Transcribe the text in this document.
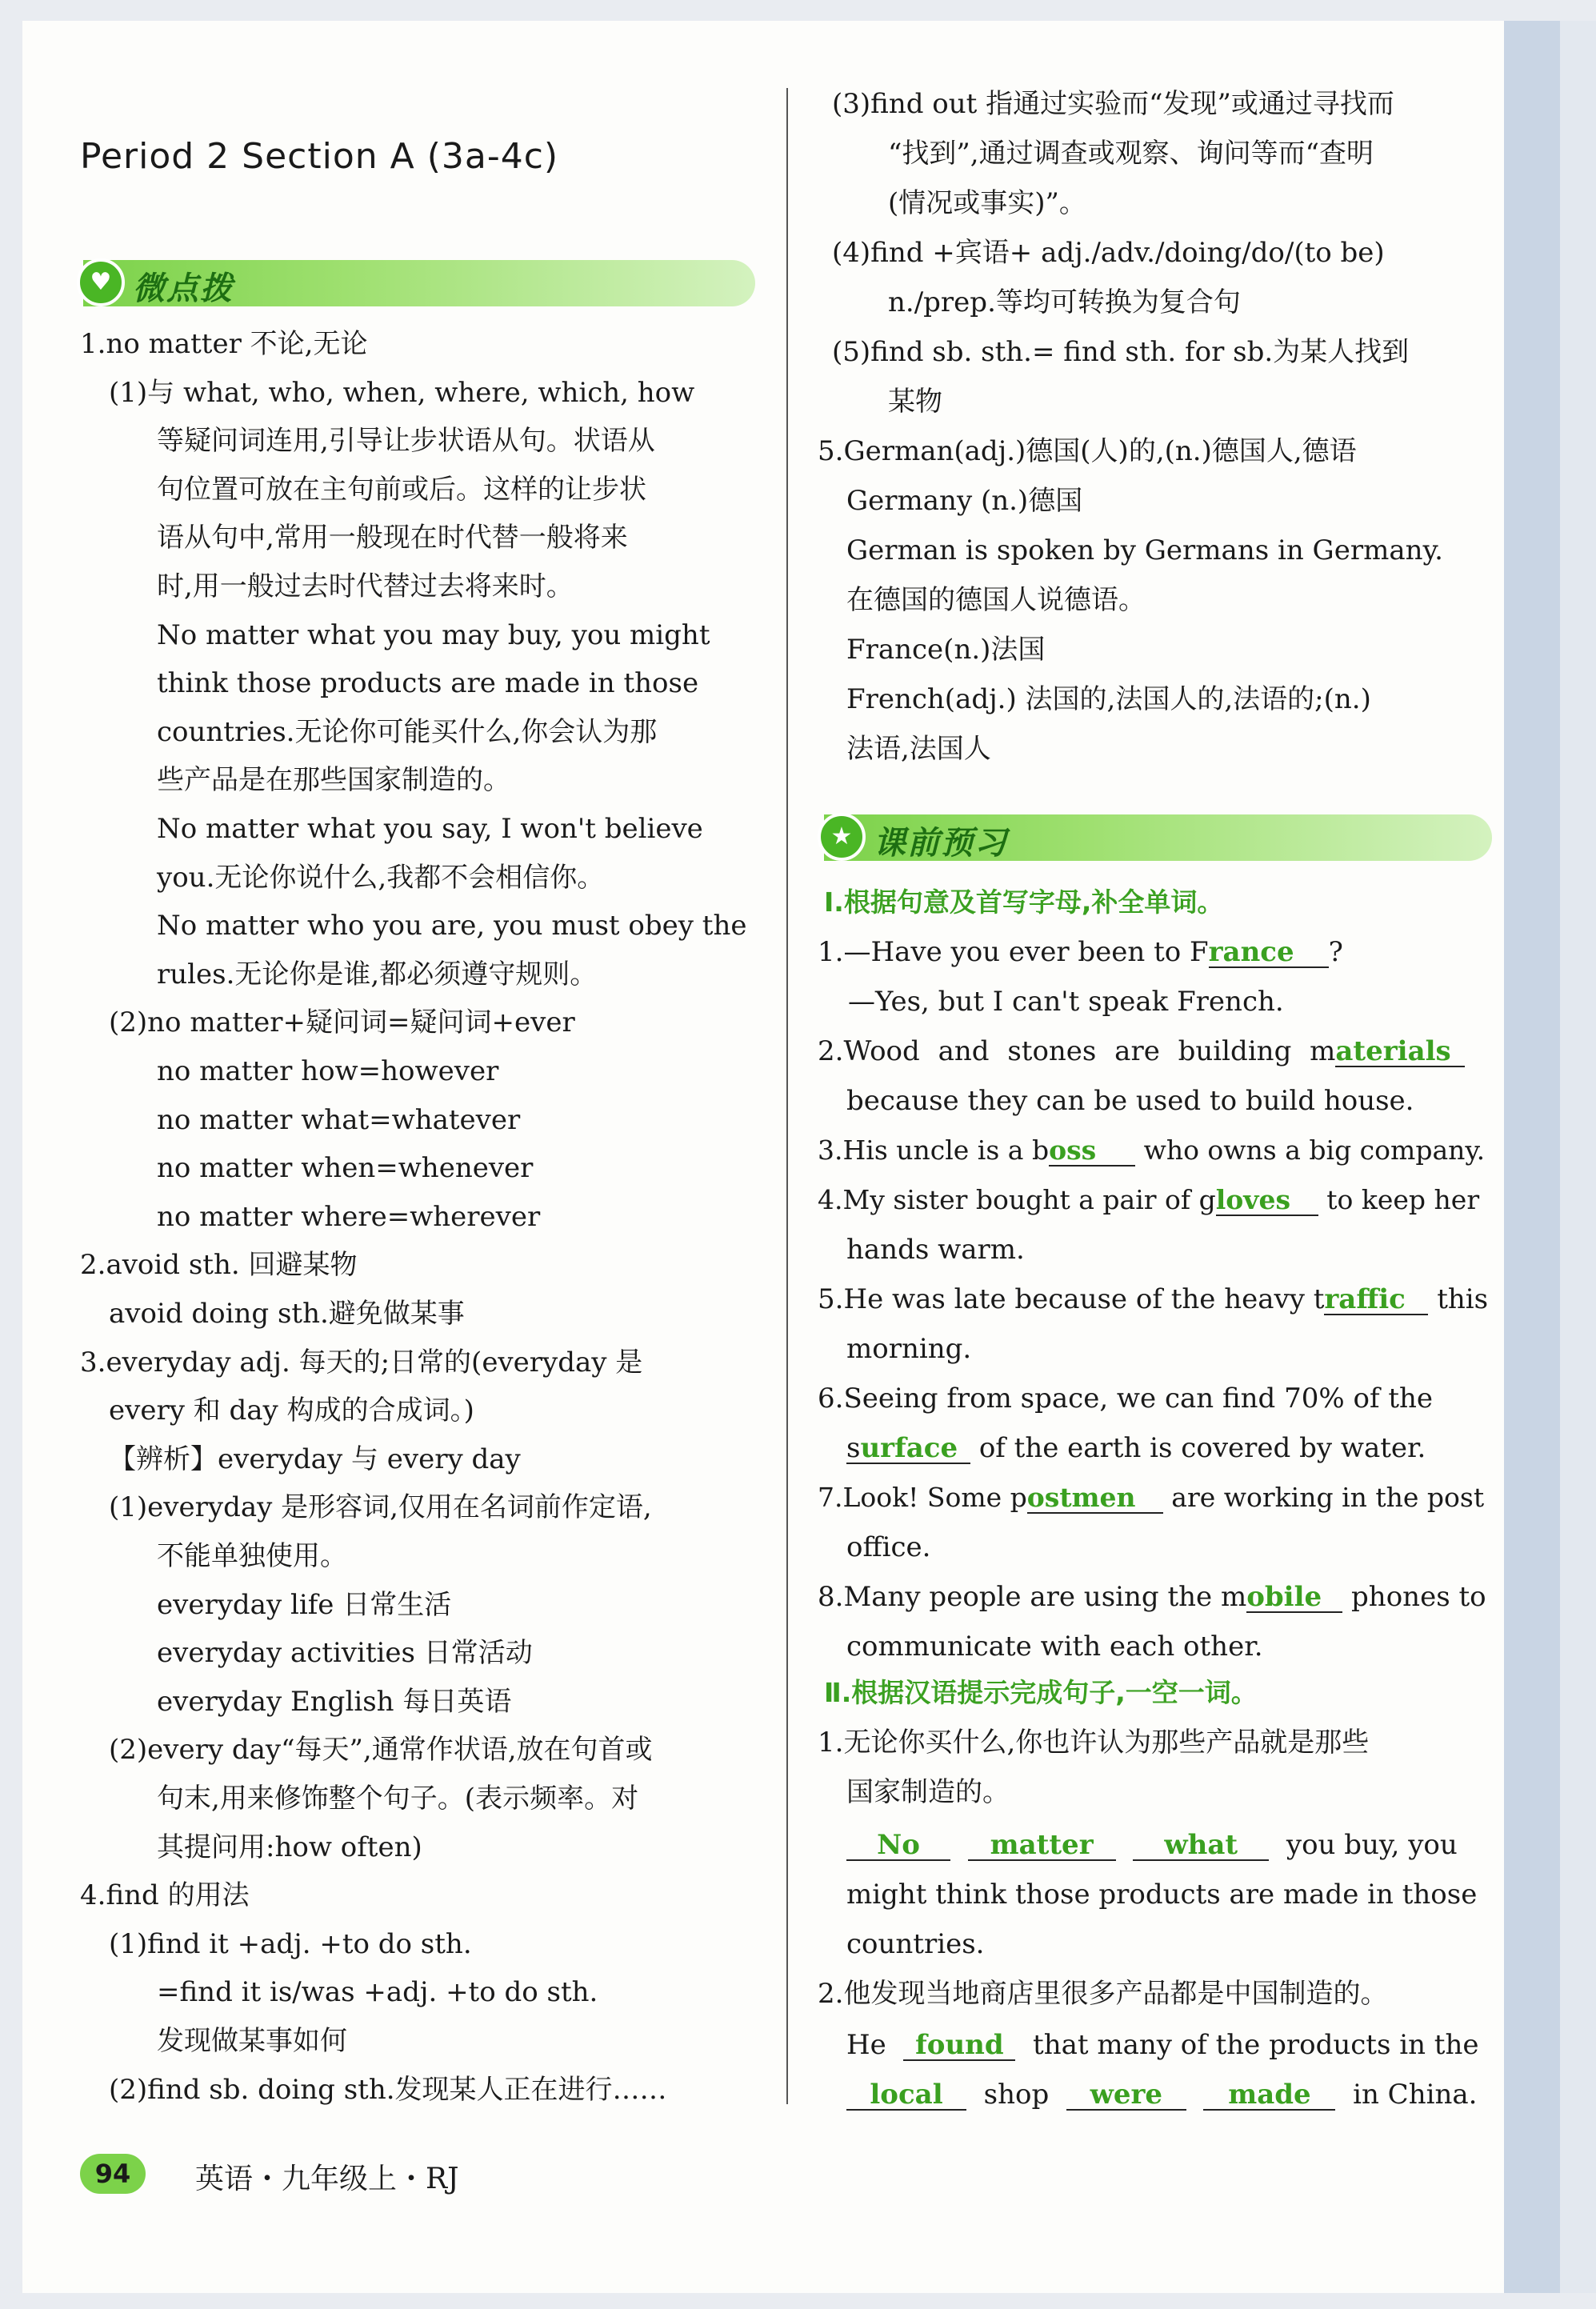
Period 2 Section A (3a-4c)
♥ 微点拨
1.no matter 不论,无论
(1)与 what, who, when, where, which, how
等疑问词连用,引导让步状语从句。状语从
句位置可放在主句前或后。这样的让步状
语从句中,常用一般现在时代替一般将来
时,用一般过去时代替过去将来时。
No matter what you may buy, you might
think those products are made in those
countries.无论你可能买什么,你会认为那
些产品是在那些国家制造的。
No matter what you say, I won't believe
you.无论你说什么,我都不会相信你。
No matter who you are, you must obey the
rules.无论你是谁,都必须遵守规则。
(2)no matter+疑问词=疑问词+ever
no matter how=however
no matter what=whatever
no matter when=whenever
no matter where=wherever
2.avoid sth. 回避某物
avoid doing sth.避免做某事
3.everyday adj. 每天的;日常的(everyday 是
every 和 day 构成的合成词。)
【辨析】everyday 与 every day
(1)everyday 是形容词,仅用在名词前作定语,
不能单独使用。
everyday life 日常生活
everyday activities 日常活动
everyday English 每日英语
(2)every day“每天”,通常作状语,放在句首或
句末,用来修饰整个句子。(表示频率。对
其提问用:how often)
4.find 的用法
(1)find it +adj. +to do sth.
=find it is/was +adj. +to do sth.
发现做某事如何
(2)find sb. doing sth.发现某人正在进行……
(3)find out 指通过实验而“发现”或通过寻找而
“找到”,通过调查或观察、询问等而“查明
(情况或事实)”。
(4)find +宾语+ adj./adv./doing/do/(to be)
n./prep.等均可转换为复合句
(5)find sb. sth.= find sth. for sb.为某人找到
某物
5.German(adj.)德国(人)的,(n.)德国人,德语
Germany (n.)德国
German is spoken by Germans in Germany.
在德国的德国人说德语。
France(n.)法国
French(adj.) 法国的,法国人的,法语的;(n.)
法语,法国人
★ 课前预习
Ⅰ.根据句意及首写字母,补全单词。
1.—Have you ever been to France ?
—Yes, but I can't speak French.
2.Wood and stones are building materials
because they can be used to build house.
3.His uncle is a boss who owns a big company.
4.My sister bought a pair of gloves to keep her
hands warm.
5.He was late because of the heavy traffic this
morning.
6.Seeing from space, we can find 70% of the
surface of the earth is covered by water.
7.Look! Some postmen are working in the post
office.
8.Many people are using the mobile phones to
communicate with each other.
Ⅱ.根据汉语提示完成句子,一空一词。
1.无论你买什么,你也许认为那些产品就是那些
国家制造的。
No	matter	what you buy, you
might think those products are made in those
countries.
2.他发现当地商店里很多产品都是中国制造的。
He found that many of the products in the
local shop were made in China.
94	英语・九年级上・RJ
